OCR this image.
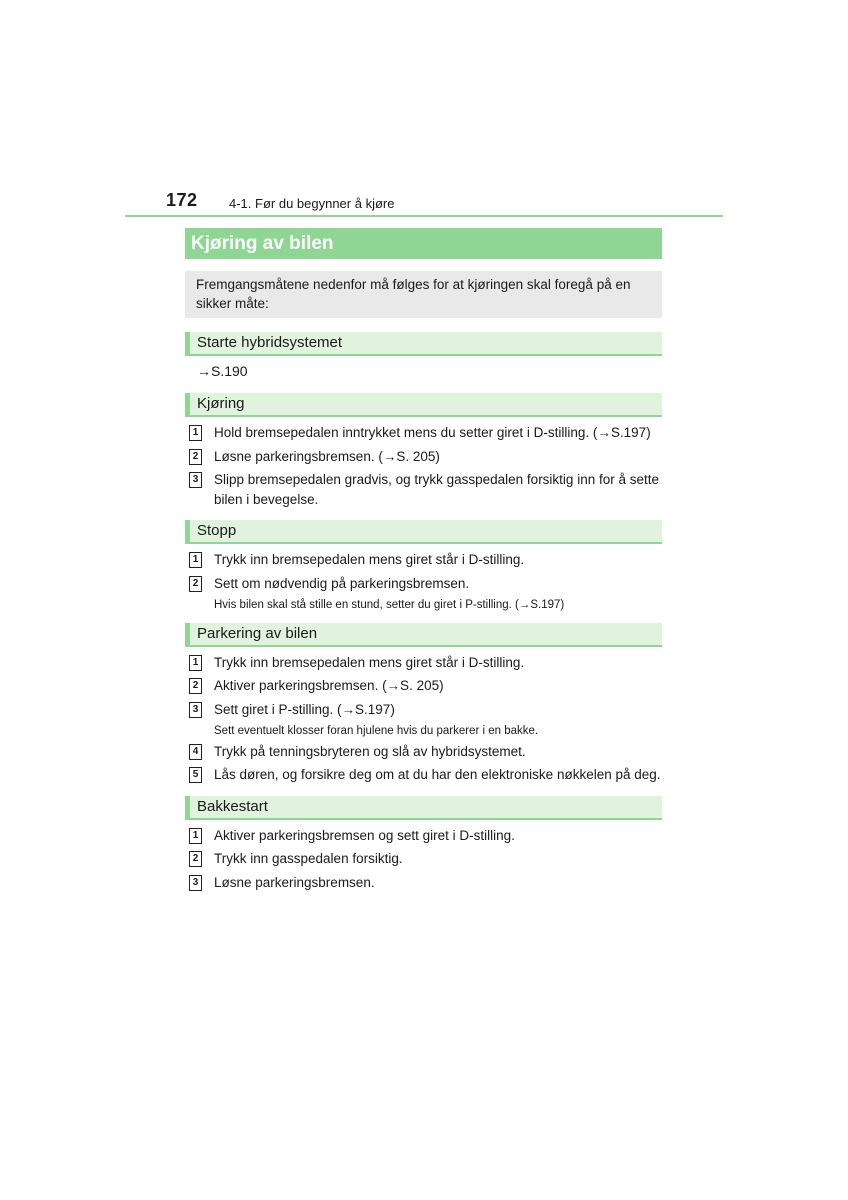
172 4-1. Før du begynner å kjøre
Kjøring av bilen
Fremgangsmåtene nedenfor må følges for at kjøringen skal foregå på en sikker måte:
Starte hybridsystemet
→S.190
Kjøring
1 Hold bremsepedalen inntrykket mens du setter giret i D-stilling. (→S.197)
2 Løsne parkeringsbremsen. (→S. 205)
3 Slipp bremsepedalen gradvis, og trykk gasspedalen forsiktig inn for å sette bilen i bevegelse.
Stopp
1 Trykk inn bremsepedalen mens giret står i D-stilling.
2 Sett om nødvendig på parkeringsbremsen.
Hvis bilen skal stå stille en stund, setter du giret i P-stilling. (→S.197)
Parkering av bilen
1 Trykk inn bremsepedalen mens giret står i D-stilling.
2 Aktiver parkeringsbremsen. (→S. 205)
3 Sett giret i P-stilling. (→S.197)
Sett eventuelt klosser foran hjulene hvis du parkerer i en bakke.
4 Trykk på tenningsbryteren og slå av hybridsystemet.
5 Lås døren, og forsikre deg om at du har den elektroniske nøkkelen på deg.
Bakkestart
1 Aktiver parkeringsbremsen og sett giret i D-stilling.
2 Trykk inn gasspedalen forsiktig.
3 Løsne parkeringsbremsen.
